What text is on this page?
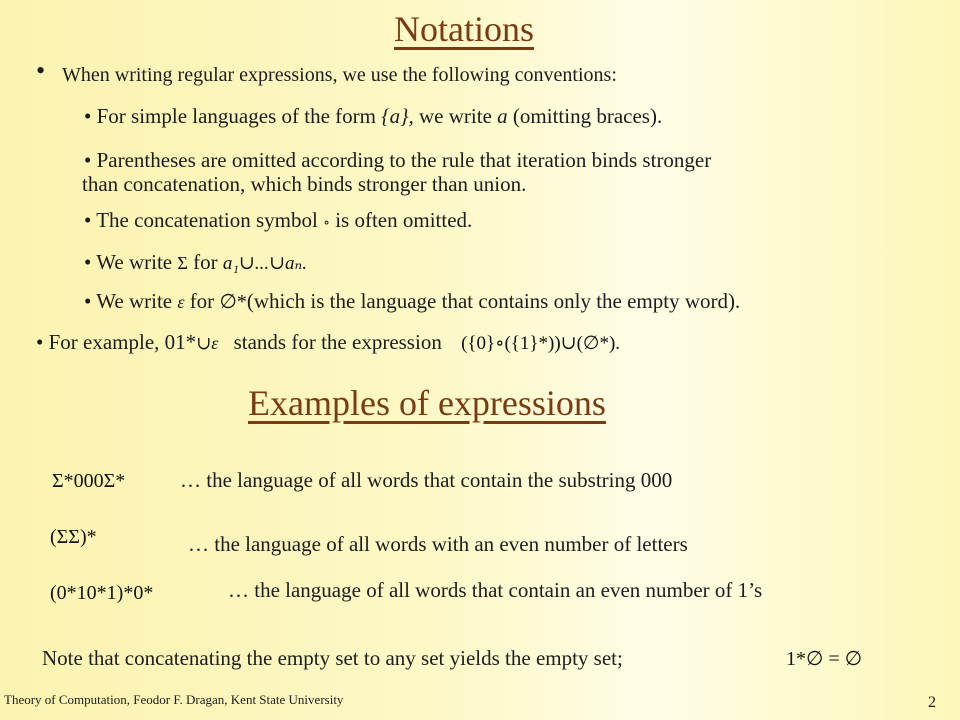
Notations
• When writing regular expressions, we use the following conventions:
• For simple languages of the form {a}, we write a (omitting braces).
• Parentheses are omitted according to the rule that iteration binds stronger
than concatenation, which binds stronger than union.
• The concatenation symbol ∘ is often omitted.
• We write Σ for a₁∪...∪aₙ.
• We write ε for ∅*(which is the language that contains only the empty word).
• For example, 01*∪ε stands for the expression ({0}∘({1}*))∪(∅*).
Examples of expressions
Σ*000Σ*	… the language of all words that contain the substring 000
(ΣΣ)*	… the language of all words with an even number of letters
(0*10*1)*0*	… the language of all words that contain an even number of 1’s
Note that concatenating the empty set to any set yields the empty set;	1*∅ = ∅
Theory of Computation, Feodor F. Dragan, Kent State University	2
